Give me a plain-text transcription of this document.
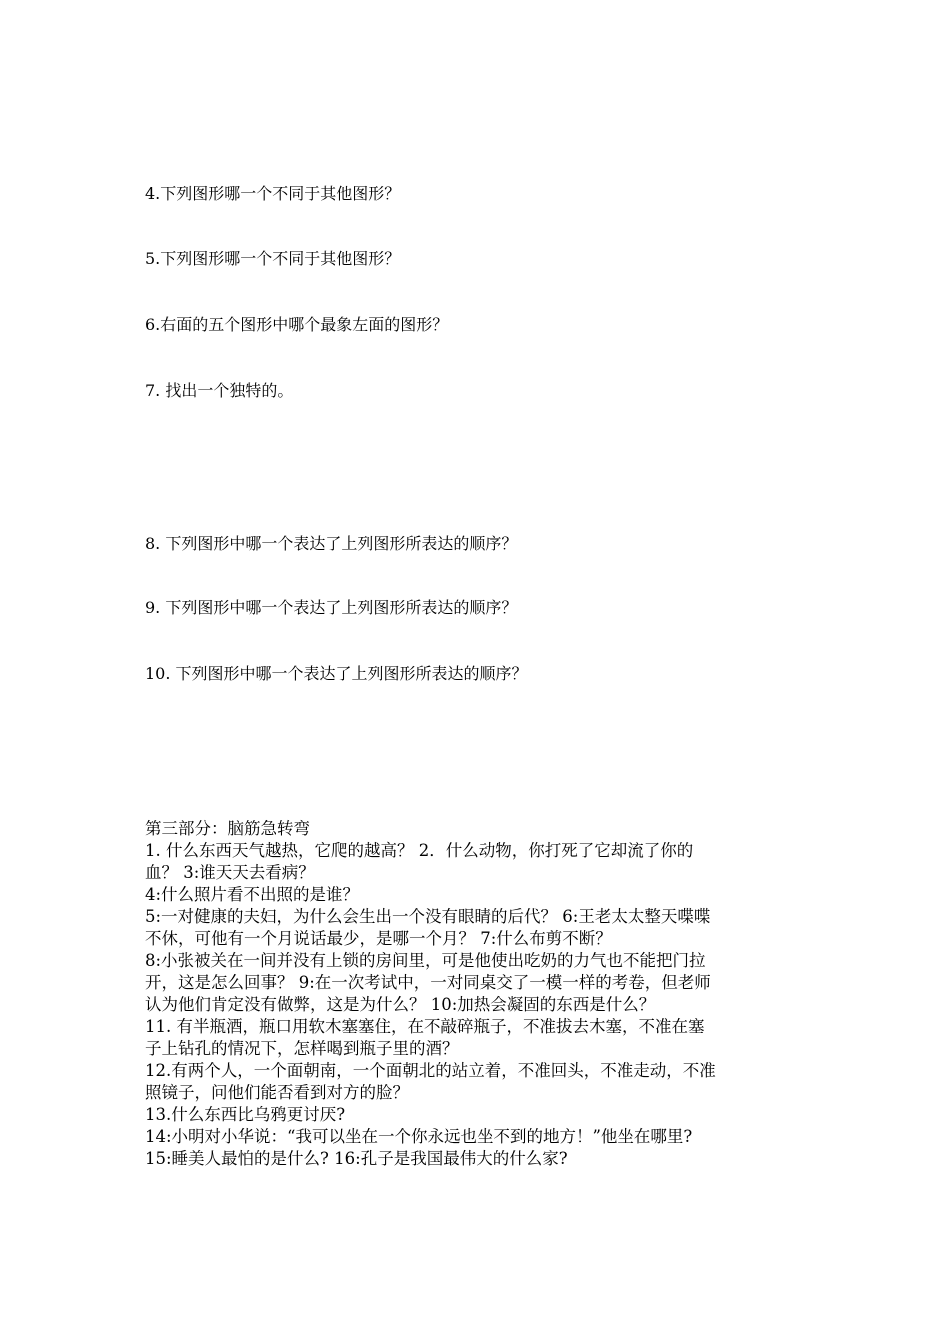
4.下列图形哪一个不同于其他图形？
5.下列图形哪一个不同于其他图形？
6.右面的五个图形中哪个最象左面的图形？
7. 找出一个独特的。
8. 下列图形中哪一个表达了上列图形所表达的顺序？
9. 下列图形中哪一个表达了上列图形所表达的顺序？
10. 下列图形中哪一个表达了上列图形所表达的顺序？
第三部分：脑筋急转弯
1. 什么东西天气越热，它爬的越高？ 2．什么动物，你打死了它却流了你的
血？ 3:谁天天去看病？
4:什么照片看不出照的是谁？
5:一对健康的夫妇，为什么会生出一个没有眼睛的后代？ 6:王老太太整天喋喋
不休，可他有一个月说话最少，是哪一个月？ 7:什么布剪不断？
8:小张被关在一间并没有上锁的房间里，可是他使出吃奶的力气也不能把门拉
开，这是怎么回事？ 9:在一次考试中，一对同桌交了一模一样的考卷，但老师
认为他们肯定没有做弊，这是为什么？ 10:加热会凝固的东西是什么？
11. 有半瓶酒，瓶口用软木塞塞住，在不敲碎瓶子，不准拔去木塞，不准在塞
子上钻孔的情况下，怎样喝到瓶子里的酒？
12.有两个人，一个面朝南，一个面朝北的站立着，不准回头，不准走动，不准
照镜子，问他们能否看到对方的脸？
13.什么东西比乌鸦更讨厌?
14:小明对小华说：“我可以坐在一个你永远也坐不到的地方！”他坐在哪里?
15:睡美人最怕的是什么? 16:孔子是我国最伟大的什么家?
